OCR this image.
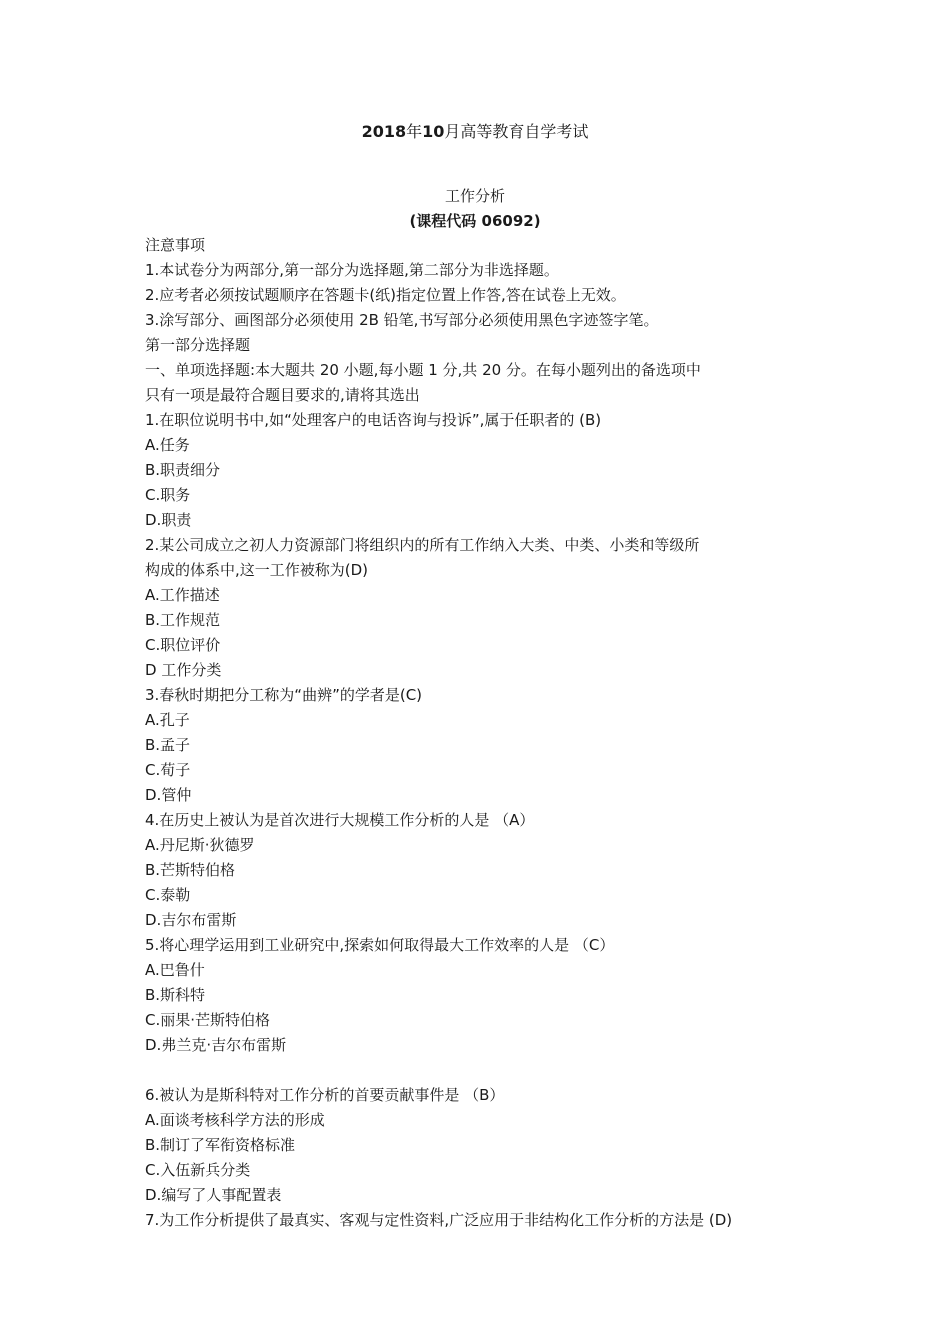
2018年10月高等教育自学考试
工作分析
(课程代码 06092)
注意事项
1.本试卷分为两部分,第一部分为选择题,第二部分为非选择题。
2.应考者必须按试题顺序在答题卡(纸)指定位置上作答,答在试卷上无效。
3.涂写部分、画图部分必须使用 2B 铅笔,书写部分必须使用黑色字迹签字笔。
第一部分选择题
一、单项选择题:本大题共 20 小题,每小题 1 分,共 20 分。在每小题列出的备选项中
只有一项是最符合题目要求的,请将其选出
1.在职位说明书中,如“处理客户的电话咨询与投诉”,属于任职者的 (B)
A.任务
B.职责细分
C.职务
D.职责
2.某公司成立之初人力资源部门将组织内的所有工作纳入大类、中类、小类和等级所
构成的体系中,这一工作被称为(D)
A.工作描述
B.工作规范
C.职位评价
D 工作分类
3.春秋时期把分工称为“曲辨”的学者是(C)
A.孔子
B.孟子
C.荀子
D.管仲
4.在历史上被认为是首次进行大规模工作分析的人是 （A）
A.丹尼斯·狄德罗
B.芒斯特伯格
C.泰勒
D.吉尔布雷斯
5.将心理学运用到工业研究中,探索如何取得最大工作效率的人是 （C）
A.巴鲁什
B.斯科特
C.丽果·芒斯特伯格
D.弗兰克·吉尔布雷斯
6.被认为是斯科特对工作分析的首要贡献事件是 （B）
A.面谈考核科学方法的形成
B.制订了军衔资格标准
C.入伍新兵分类
D.编写了人事配置表
7.为工作分析提供了最真实、客观与定性资料,广泛应用于非结构化工作分析的方法是 (D)
